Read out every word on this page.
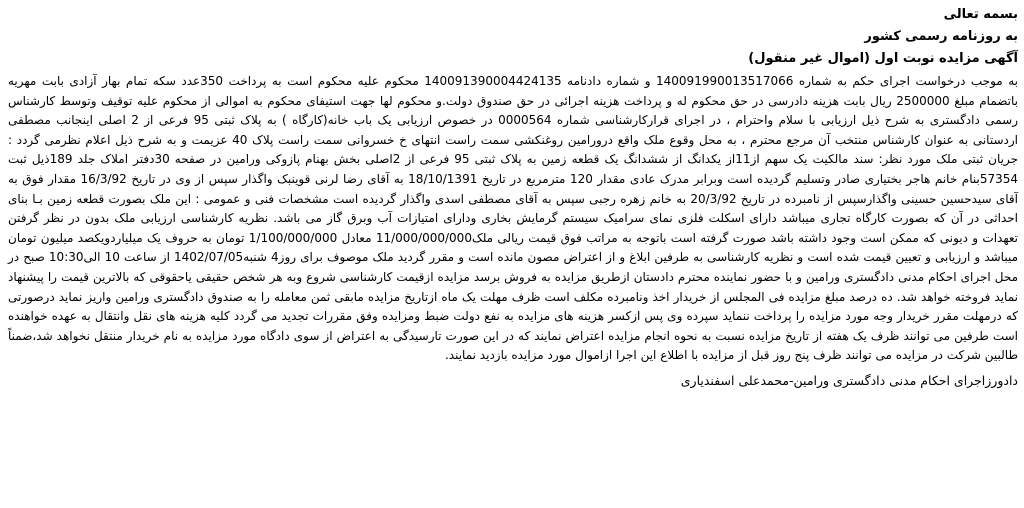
بسمه تعالی
به روزنامه رسمی کشور
آگهی مزایده نوبت اول (اموال غیر منقول)

به موجب درخواست اجرای حکم به شماره 140091990013517066 و شماره دادنامه 140091390004424135 محکوم علیه محکوم است به پرداخت 350عدد سکه تمام بهار آزادی بابت مهریه باتضمام مبلغ 2500000 ریال بابت هزینه دادرسی در حق محکوم له و پرداخت هزینه اجرائی در حق صندوق دولت.و محکوم لها جهت استیفای محکوم به اموالی از محکوم علیه توقیف وتوسط کارشناس رسمی دادگستری به شرح ذیل ارزیابی با سلام واحترام ، در اجرای قرارکارشناسی شماره 0000564 در خصوص ارزیابی یک باب خانه(کارگاه ) به پلاک ثبتی 95 فرعی از 2 اصلی اینجانب مصطفی اردستانی به عنوان کارشناس منتخب آن مرجع محترم ، به محل وقوع ملک واقع درورامین روغنکشی سمت راست انتهای خ خسروانی سمت راست پلاک 40 عزیمت و به شرح ذیل اعلام نظرمی گردد : جریان ثبتی ملک مورد نظر: سند مالکیت یک سهم از11از یکدانگ از ششدانگ یک قطعه زمین به پلاک ثبتی 95 فرعی از 2اصلی بخش بهنام پازوکی ورامین در صفحه 30دفتر املاک جلد 189ذیل ثبت 57354بنام خانم هاجر بختیاری صادر وتسلیم گردیده است وبرابر مدرک عادی مقدار 120 مترمربع در تاریخ 18/10/1391 به آقای رضا لرنی قوینبک واگذار سپس از وی در تاریخ 16/3/92 مقدار فوق به آقای سیدحسین حسینی واگذارسپس از نامبرده در تاریخ 20/3/92 به خانم زهره رجبی سپس به آقای مصطفی اسدی واگذار گردیده است مشخصات فنی و عمومی : این ملک بصورت قطعه زمین بـا بنای احداثی در آن که بصورت کارگاه تجاری میباشد دارای اسکلت فلزی نمای سرامیک سیستم گرمایش بخاری ودارای امتیازات آب وبرق گاز می باشد. نظریه کارشناسی ارزیابی ملک بدون در نظر گرفتن تعهدات و دیونی که ممکن است وجود داشته باشد صورت گرفته است باتوجه به مراتب فوق قیمت ریالی ملک11/000/000/000 معادل 1/100/000/000 تومان به حروف یک میلیاردویکصد میلیون تومان میباشد و ارزیابی و تعیین قیمت شده است و نظریه کارشناسی به طرفین ابلاغ و از اعتراض مصون مانده است و مقرر گردید ملک موصوف برای روز4 شنبه1402/07/05 از ساعت 10 الی10:30 صبح در محل اجرای احکام مدنی دادگستری ورامین و با حضور نماینده محترم دادستان ازطریق مزایده به فروش برسد مزایده ازقیمت کارشناسی شروع وبه هر شخص حقیقی یاحقوقی که بالاترین قیمت را پیشنهاد نماید فروخته خواهد شد. ده درصد مبلغ مزایده فی المجلس از خریدار اخذ ونامبرده مکلف است ظرف مهلت یک ماه ازتاریخ مزایده مابقی ثمن معامله را به صندوق دادگستری ورامین واریز نماید درصورتی که درمهلت مقرر خریدار وجه مورد مزایده را پرداخت ننماید سپرده وی پس ازکسر هزینه های مزایده به نفع دولت ضبط ومزایده وفق مقررات تجدید می گردد کلیه هزینه های نقل وانتقال به عهده خواهنده است طرفین می توانند ظرف یک هفته از تاریخ مزایده نسبت به نحوه انجام مزایده اعتراض نمایند که در این صورت تارسیدگی به اعتراض از سوی دادگاه مورد مزایده به نام خریدار منتقل نخواهد شد،ضمناً طالبین شرکت در مزایده می توانند ظرف پنج روز قبل از مزایده با اطلاع این اجرا ازاموال مورد مزایده بازدید نمایند.

دادورزاجرای احکام مدنی دادگستری ورامین-محمدعلی اسفندیاری
